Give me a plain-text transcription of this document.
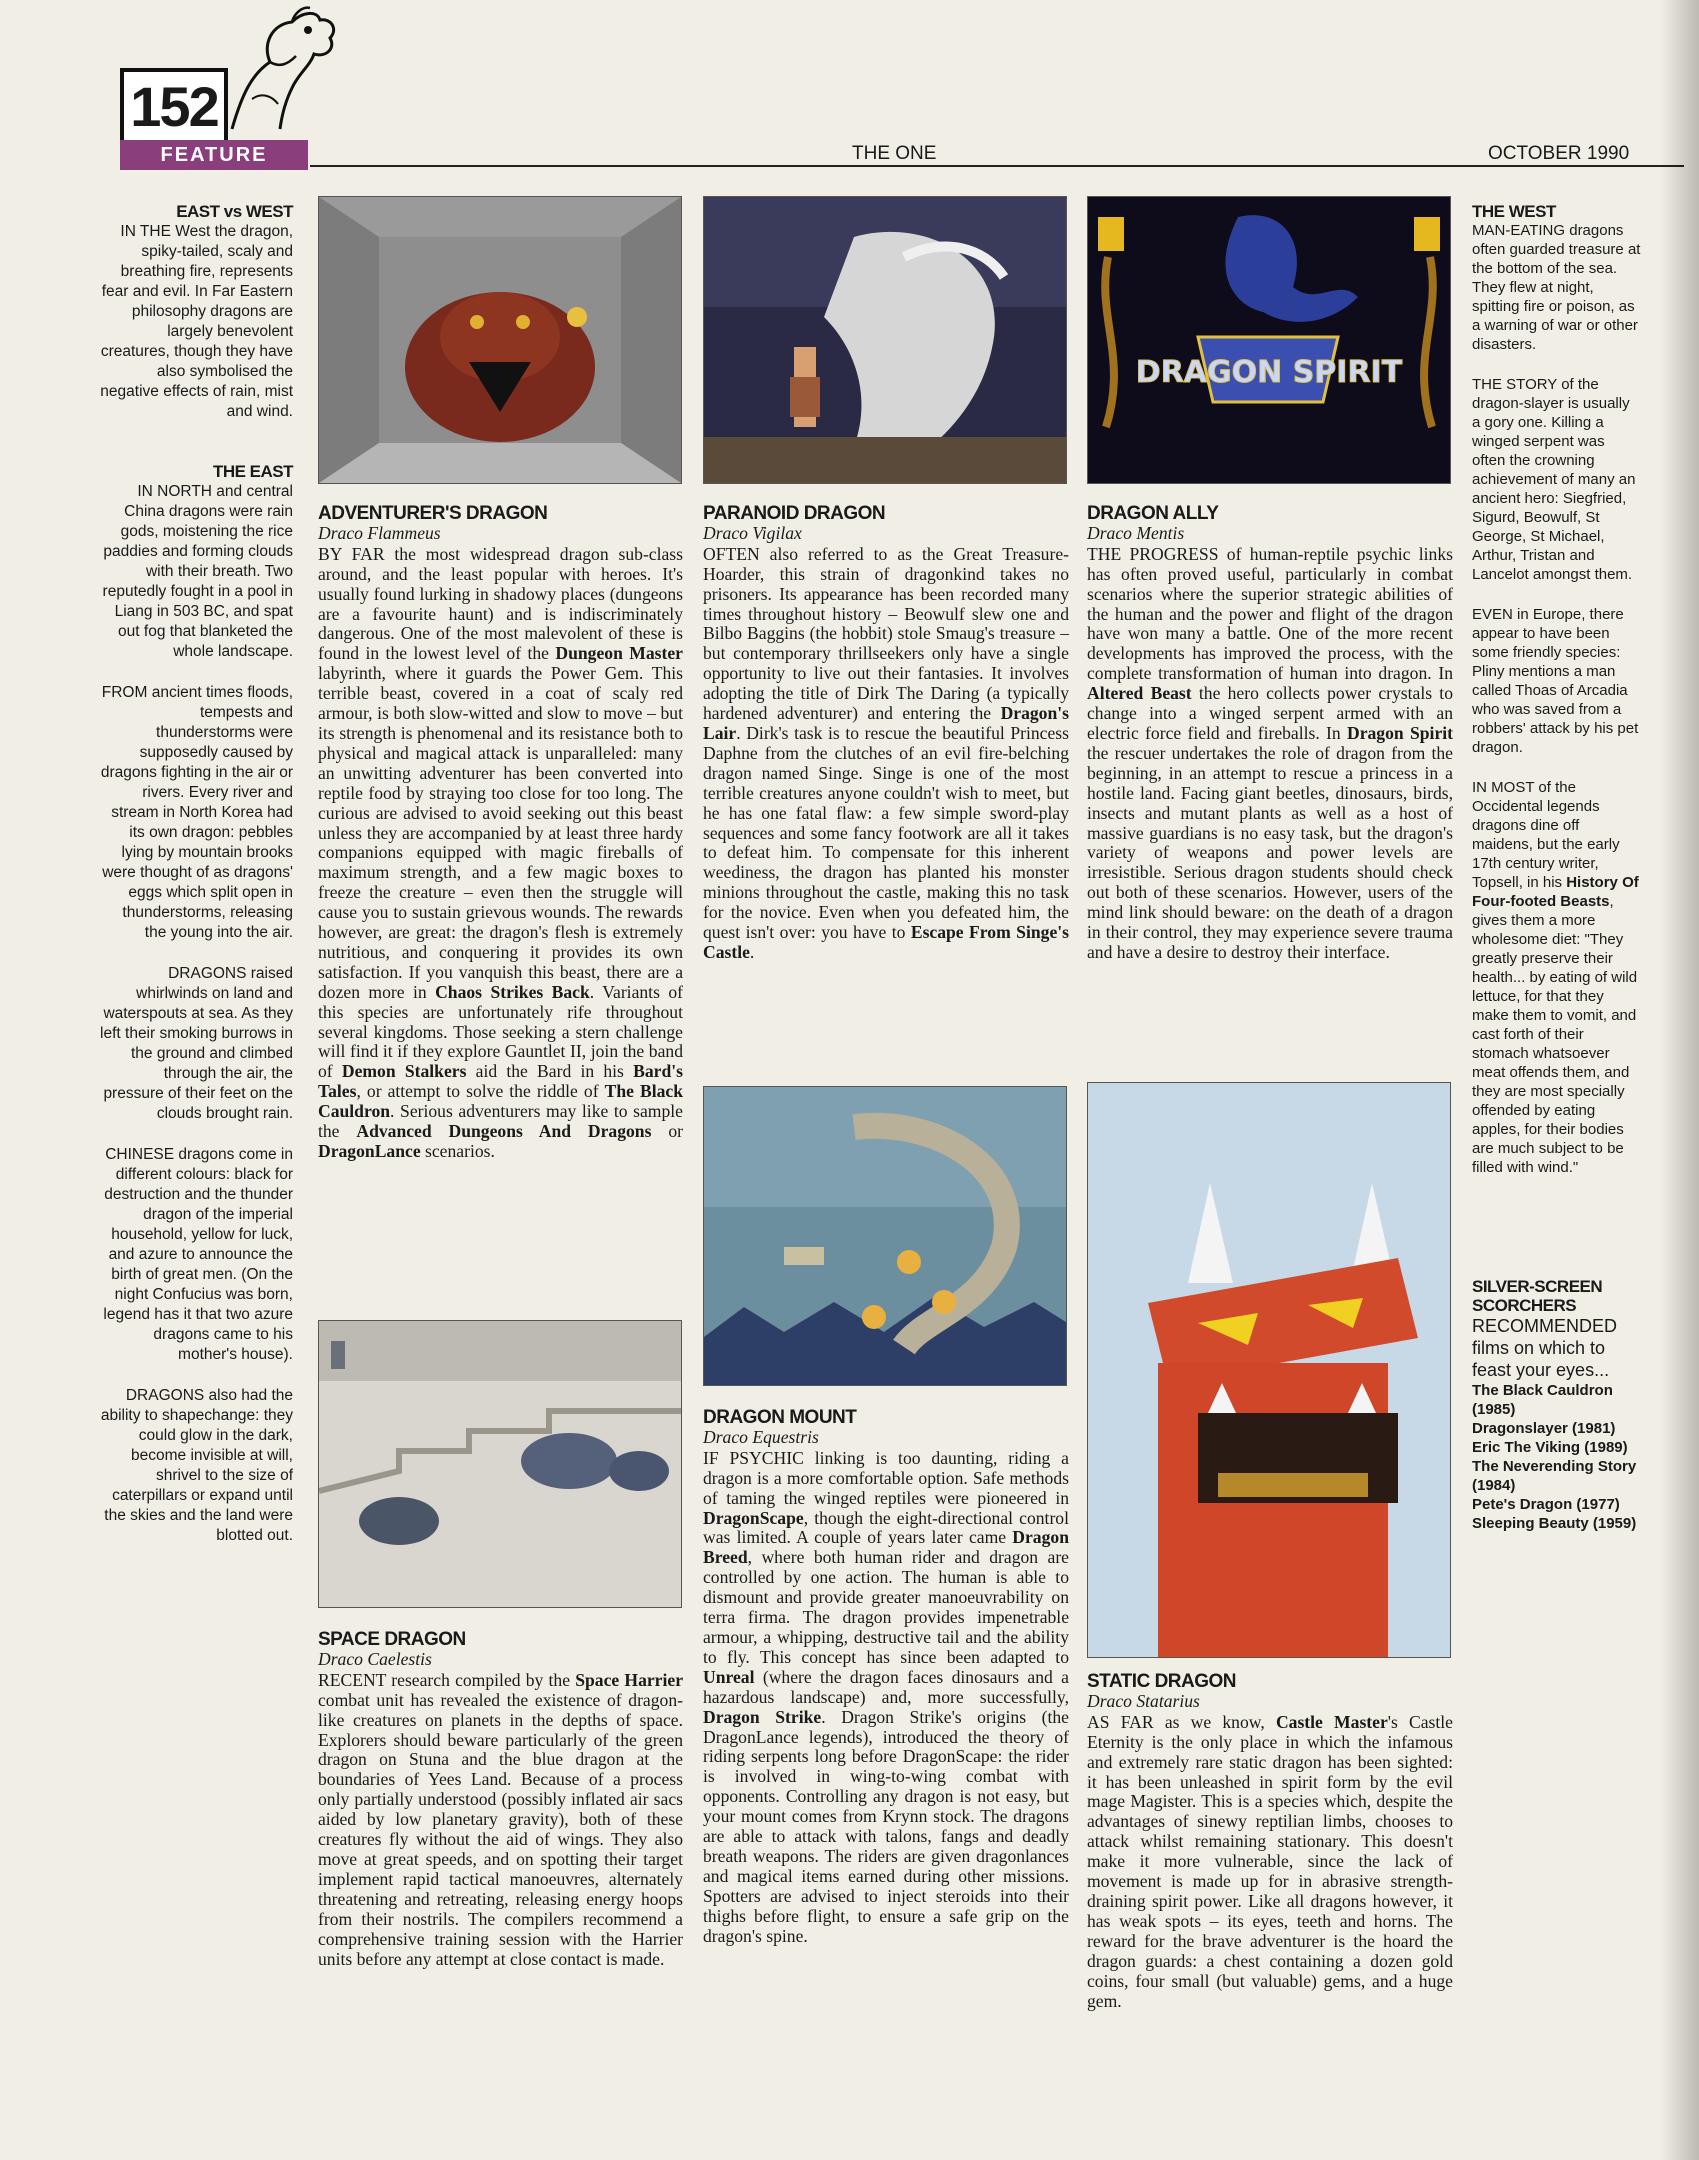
152
FEATURE	THE ONE	OCTOBER 1990
EAST vs WEST

IN THE West the dragon, spiky-tailed, scaly and breathing fire, represents fear and evil. In Far Eastern philosophy dragons are largely benevolent creatures, though they have also symbolised the negative effects of rain, mist and wind.

THE EAST

IN NORTH and central China dragons were rain gods, moistening the rice paddies and forming clouds with their breath. Two reputedly fought in a pool in Liang in 503 BC, and spat out fog that blanketed the whole landscape.

FROM ancient times floods, tempests and thunderstorms were supposedly caused by dragons fighting in the air or rivers. Every river and stream in North Korea had its own dragon: pebbles lying by mountain brooks were thought of as dragons' eggs which split open in thunderstorms, releasing the young into the air.

DRAGONS raised whirlwinds on land and waterspouts at sea. As they left their smoking burrows in the ground and climbed through the air, the pressure of their feet on the clouds brought rain.

CHINESE dragons come in different colours: black for destruction and the thunder dragon of the imperial household, yellow for luck, and azure to announce the birth of great men. (On the night Confucius was born, legend has it that two azure dragons came to his mother's house).

DRAGONS also had the ability to shapechange: they could glow in the dark, become invisible at will, shrivel to the size of caterpillars or expand until the skies and the land were blotted out.

ADVENTURER'S DRAGON
Draco Flammeus

BY FAR the most widespread dragon sub-class around, and the least popular with heroes. It's usually found lurking in shadowy places (dungeons are a favourite haunt) and is indiscriminately dangerous. One of the most malevolent of these is found in the lowest level of the Dungeon Master labyrinth, where it guards the Power Gem. This terrible beast, covered in a coat of scaly red armour, is both slow-witted and slow to move – but its strength is phenomenal and its resistance both to physical and magical attack is unparalleled: many an unwitting adventurer has been converted into reptile food by straying too close for too long. The curious are advised to avoid seeking out this beast unless they are accompanied by at least three hardy companions equipped with magic fireballs of maximum strength, and a few magic boxes to freeze the creature – even then the struggle will cause you to sustain grievous wounds. The rewards however, are great: the dragon's flesh is extremely nutritious, and conquering it provides its own satisfaction. If you vanquish this beast, there are a dozen more in Chaos Strikes Back. Variants of this species are unfortunately rife throughout several kingdoms. Those seeking a stern challenge will find it if they explore Gauntlet II, join the band of Demon Stalkers aid the Bard in his Bard's Tales, or attempt to solve the riddle of The Black Cauldron. Serious adventurers may like to sample the Advanced Dungeons And Dragons or DragonLance scenarios.

SPACE DRAGON
Draco Caelestis

RECENT research compiled by the Space Harrier combat unit has revealed the existence of dragon-like creatures on planets in the depths of space. Explorers should beware particularly of the green dragon on Stuna and the blue dragon at the boundaries of Yees Land. Because of a process only partially understood (possibly inflated air sacs aided by low planetary gravity), both of these creatures fly without the aid of wings. They also move at great speeds, and on spotting their target implement rapid tactical manoeuvres, alternately threatening and retreating, releasing energy hoops from their nostrils. The compilers recommend a comprehensive training session with the Harrier units before any attempt at close contact is made.

PARANOID DRAGON
Draco Vigilax

OFTEN also referred to as the Great Treasure-Hoarder, this strain of dragonkind takes no prisoners. Its appearance has been recorded many times throughout history – Beowulf slew one and Bilbo Baggins (the hobbit) stole Smaug's treasure – but contemporary thrillseekers only have a single opportunity to live out their fantasies. It involves adopting the title of Dirk The Daring (a typically hardened adventurer) and entering the Dragon's Lair. Dirk's task is to rescue the beautiful Princess Daphne from the clutches of an evil fire-belching dragon named Singe. Singe is one of the most terrible creatures anyone couldn't wish to meet, but he has one fatal flaw: a few simple sword-play sequences and some fancy footwork are all it takes to defeat him. To compensate for this inherent weediness, the dragon has planted his monster minions throughout the castle, making this no task for the novice. Even when you defeated him, the quest isn't over: you have to Escape From Singe's Castle.

DRAGON MOUNT
Draco Equestris

IF PSYCHIC linking is too daunting, riding a dragon is a more comfortable option. Safe methods of taming the winged reptiles were pioneered in DragonScape, though the eight-directional control was limited. A couple of years later came Dragon Breed, where both human rider and dragon are controlled by one action. The human is able to dismount and provide greater manoeuvrability on terra firma. The dragon provides impenetrable armour, a whipping, destructive tail and the ability to fly. This concept has since been adapted to Unreal (where the dragon faces dinosaurs and a hazardous landscape) and, more successfully, Dragon Strike. Dragon Strike's origins (the DragonLance legends), introduced the theory of riding serpents long before DragonScape: the rider is involved in wing-to-wing combat with opponents. Controlling any dragon is not easy, but your mount comes from Krynn stock. The dragons are able to attack with talons, fangs and deadly breath weapons. The riders are given dragonlances and magical items earned during other missions. Spotters are advised to inject steroids into their thighs before flight, to ensure a safe grip on the dragon's spine.

DRAGON SPIRIT
DRAGON ALLY
Draco Mentis

THE PROGRESS of human-reptile psychic links has often proved useful, particularly in combat scenarios where the superior strategic abilities of the human and the power and flight of the dragon have won many a battle. One of the more recent developments has improved the process, with the complete transformation of human into dragon. In Altered Beast the hero collects power crystals to change into a winged serpent armed with an electric force field and fireballs. In Dragon Spirit the rescuer undertakes the role of dragon from the beginning, in an attempt to rescue a princess in a hostile land. Facing giant beetles, dinosaurs, birds, insects and mutant plants as well as a host of massive guardians is no easy task, but the dragon's variety of weapons and power levels are irresistible. Serious dragon students should check out both of these scenarios. However, users of the mind link should beware: on the death of a dragon in their control, they may experience severe trauma and have a desire to destroy their interface.

STATIC DRAGON
Draco Statarius

AS FAR as we know, Castle Master's Castle Eternity is the only place in which the infamous and extremely rare static dragon has been sighted: it has been unleashed in spirit form by the evil mage Magister. This is a species which, despite the advantages of sinewy reptilian limbs, chooses to attack whilst remaining stationary. This doesn't make it more vulnerable, since the lack of movement is made up for in abrasive strength-draining spirit power. Like all dragons however, it has weak spots – its eyes, teeth and horns. The reward for the brave adventurer is the hoard the dragon guards: a chest containing a dozen gold coins, four small (but valuable) gems, and a huge gem.

THE WEST

MAN-EATING dragons often guarded treasure at the bottom of the sea. They flew at night, spitting fire or poison, as a warning of war or other disasters.

THE STORY of the dragon-slayer is usually a gory one. Killing a winged serpent was often the crowning achievement of many an ancient hero: Siegfried, Sigurd, Beowulf, St George, St Michael, Arthur, Tristan and Lancelot amongst them.

EVEN in Europe, there appear to have been some friendly species: Pliny mentions a man called Thoas of Arcadia who was saved from a robbers' attack by his pet dragon.

IN MOST of the Occidental legends dragons dine off maidens, but the early 17th century writer, Topsell, in his History Of Four-footed Beasts, gives them a more wholesome diet: "They greatly preserve their health... by eating of wild lettuce, for that they make them to vomit, and cast forth of their stomach whatsoever meat offends them, and they are most specially offended by eating apples, for their bodies are much subject to be filled with wind."

SILVER-SCREEN SCORCHERS
RECOMMENDED films on which to feast your eyes...
The Black Cauldron (1985)
Dragonslayer (1981)
Eric The Viking (1989)
The Neverending Story (1984)
Pete's Dragon (1977)
Sleeping Beauty (1959)
